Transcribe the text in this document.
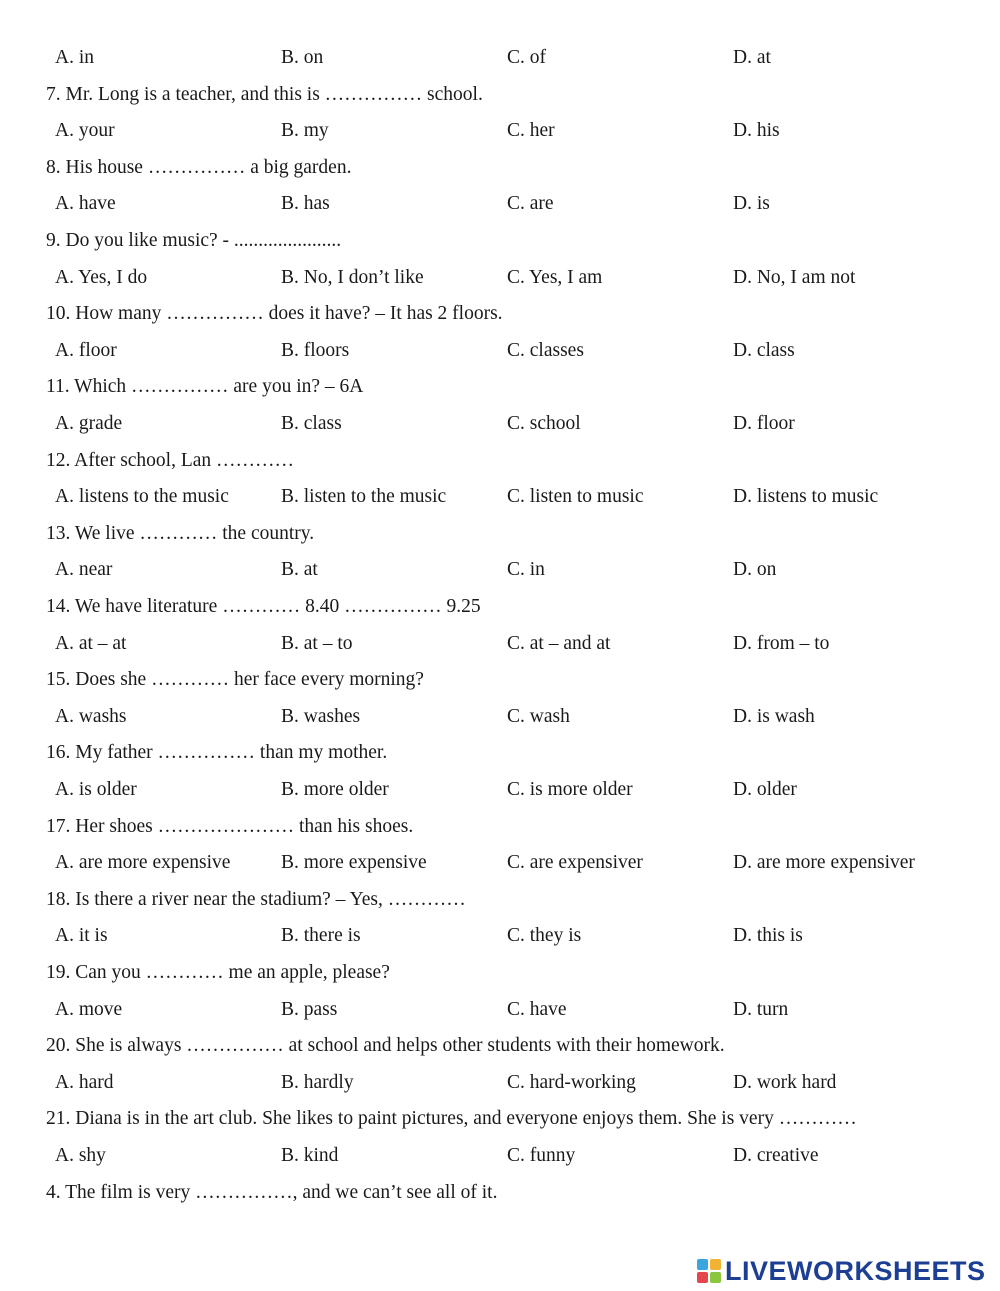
A. in	B. on	C. of	D. at
7. Mr. Long is a teacher, and this is …………… school.
A. your	B. my	C. her	D. his
8. His house …………… a big garden.
A. have	B. has	C. are	D. is
9. Do you like music? - ......................
A. Yes, I do	B. No, I don’t like	C. Yes, I am	D. No, I am not
10. How many …………… does it have? – It has 2 floors.
A. floor	B. floors	C. classes	D. class
11. Which …………… are you in? – 6A
A. grade	B. class	C. school	D. floor
12. After school, Lan …………
A. listens to the music	B. listen to the music	C. listen to music	D. listens to music
13. We live ………… the country.
A. near	B. at	C. in	D. on
14. We have literature ………… 8.40 …………… 9.25
A. at – at	B. at – to	C. at – and at	D. from – to
15. Does she ………… her face every morning?
A. washs	B. washes	C. wash	D. is wash
16. My father …………… than my mother.
A. is older	B. more older	C. is more older	D. older
17. Her shoes ………………… than his shoes.
A. are more expensive	B. more expensive	C. are expensiver	D. are more expensiver
18. Is there a river near the stadium? – Yes, …………
A. it is	B. there is	C. they is	D. this is
19. Can you ………… me an apple, please?
A. move	B. pass	C. have	D. turn
20. She is always …………… at school and helps other students with their homework.
A. hard	B. hardly	C. hard-working	D. work hard
21. Diana is in the art club. She likes to paint pictures, and everyone enjoys them. She is very …………
A. shy	B. kind	C. funny	D. creative
4. The film is very ……………, and we can’t see all of it.
LIVEWORKSHEETS
